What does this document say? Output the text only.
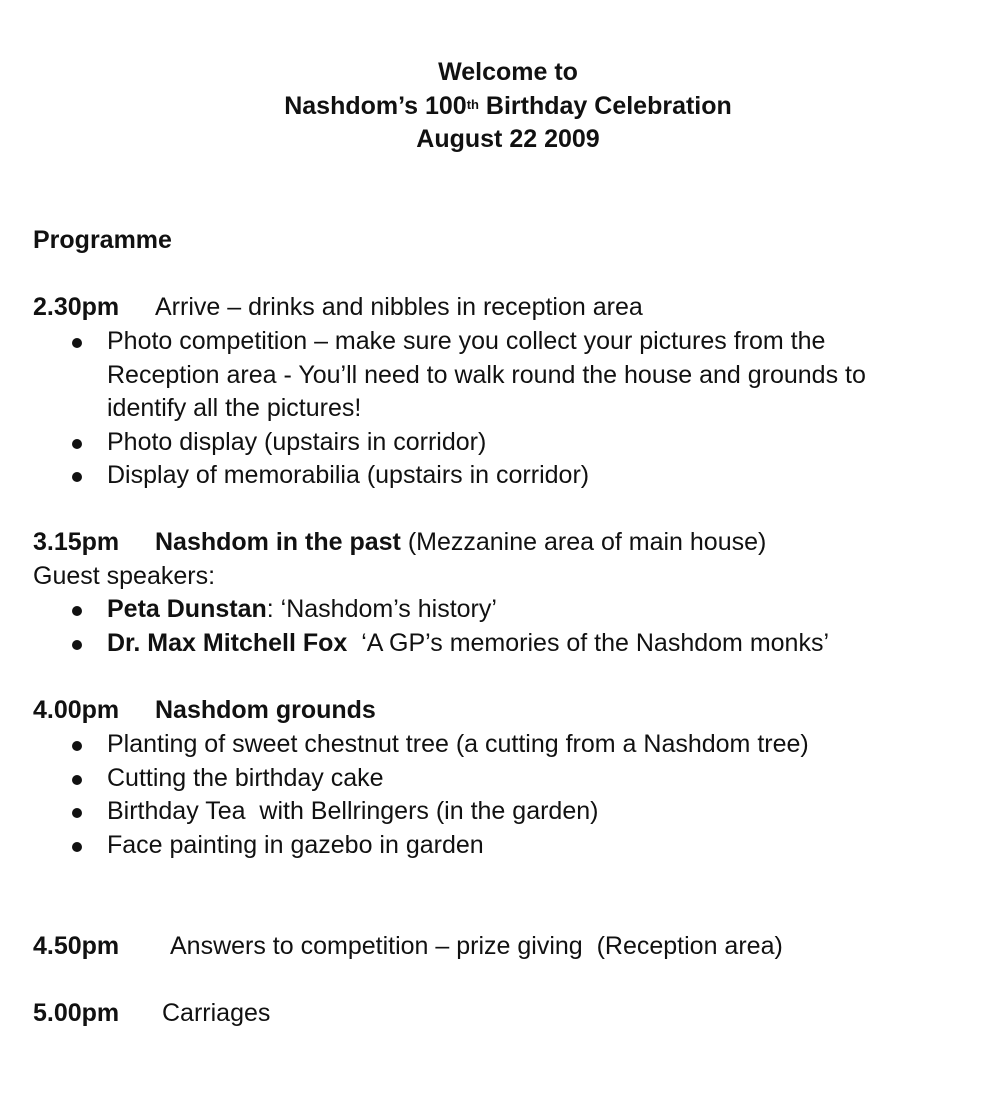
Welcome to
Nashdom’s 100th Birthday Celebration
August 22 2009
Programme
2.30pm Arrive – drinks and nibbles in reception area
Photo competition – make sure you collect your pictures from the
Reception area - You’ll need to walk round the house and grounds to
identify all the pictures!
Photo display (upstairs in corridor)
Display of memorabilia (upstairs in corridor)
3.15pm Nashdom in the past (Mezzanine area of main house)
Guest speakers:
Peta Dunstan: ‘Nashdom’s history’
Dr. Max Mitchell Fox  ‘A GP’s memories of the Nashdom monks’
4.00pm Nashdom grounds
Planting of sweet chestnut tree (a cutting from a Nashdom tree)
Cutting the birthday cake
Birthday Tea  with Bellringers (in the garden)
Face painting in gazebo in garden
4.50pm Answers to competition – prize giving  (Reception area)
5.00pm Carriages
